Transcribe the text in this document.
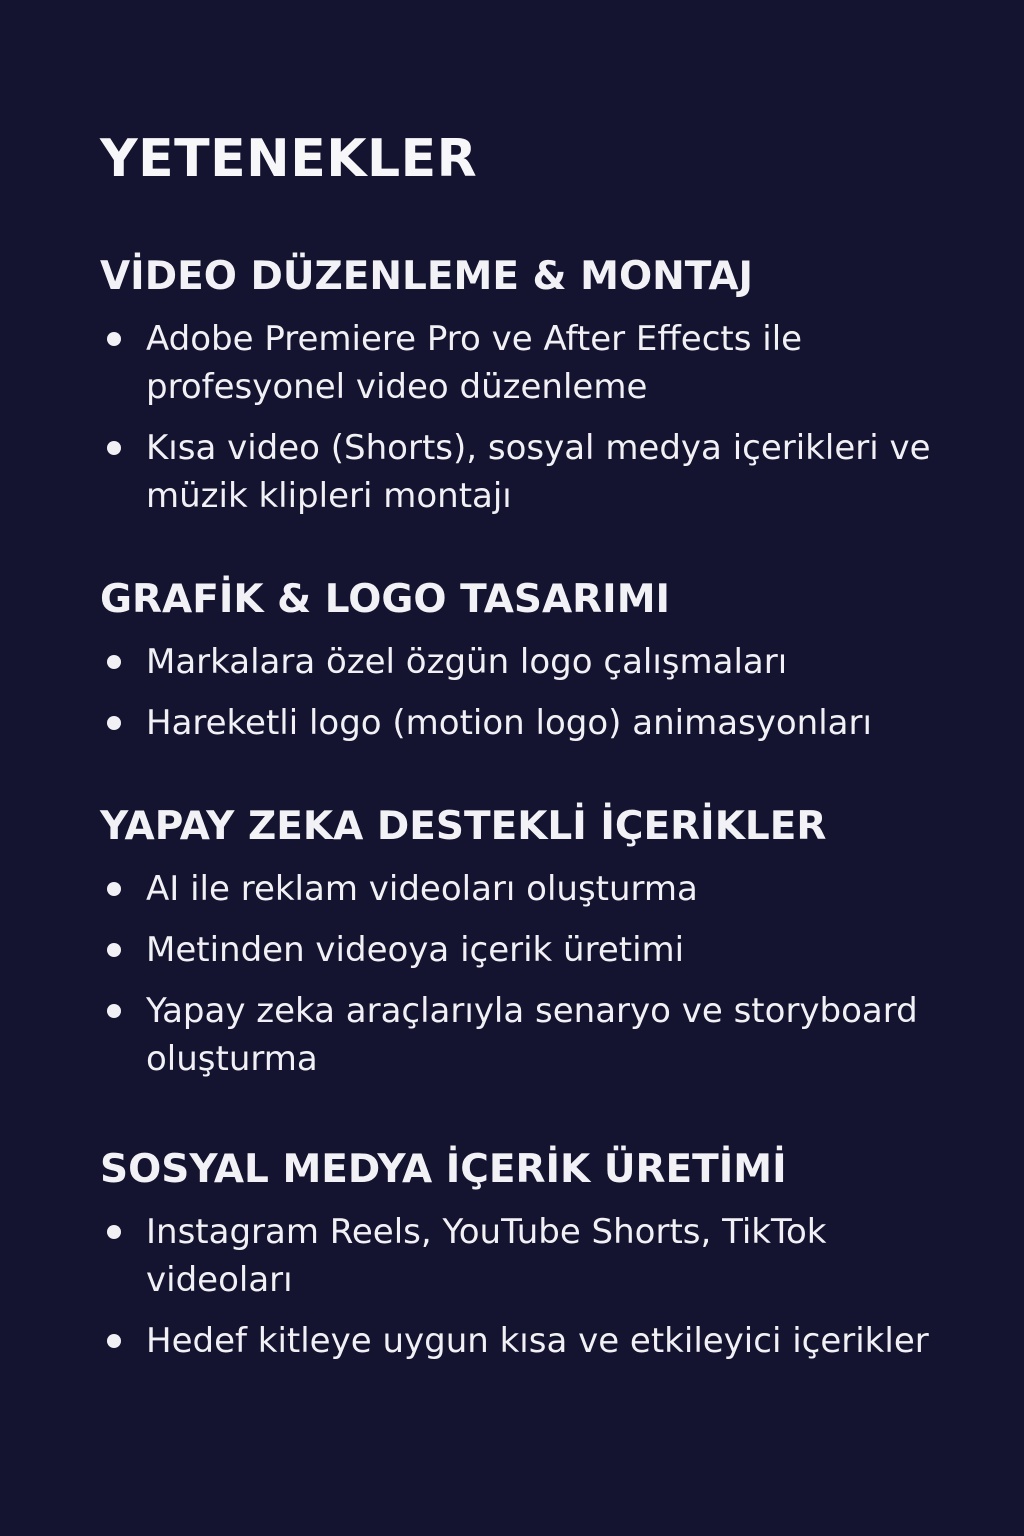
YETENEKLER
VİDEO DÜZENLEME & MONTAJ
Adobe Premiere Pro ve After Effects ile profesyonel video düzenleme
Kısa video (Shorts), sosyal medya içerikleri ve müzik klipleri montajı
GRAFİK & LOGO TASARIMI
Markalara özel özgün logo çalışmaları
Hareketli logo (motion logo) animasyonları
YAPAY ZEKA DESTEKLİ İÇERİKLER
AI ile reklam videoları oluşturma
Metinden videoya içerik üretimi
Yapay zeka araçlarıyla senaryo ve storyboard oluşturma
SOSYAL MEDYA İÇERİK ÜRETİMİ
Instagram Reels, YouTube Shorts, TikTok videoları
Hedef kitleye uygun kısa ve etkileyici içerikler
